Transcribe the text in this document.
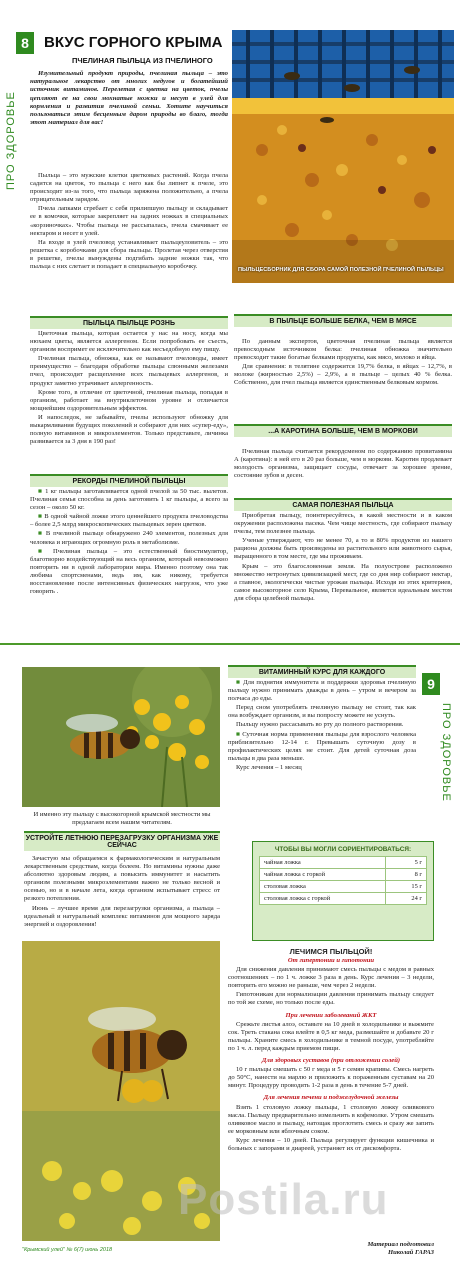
8
ПРО ЗДОРОВЬЕ
ВКУС ГОРНОГО КРЫМА
ПЧЕЛИНАЯ ПЫЛЬЦА ИЗ ПЧЕЛИНОГО

Изумительный продукт природы, пчелиная пыльца – это натуральное лекарство от многих недугов и богатейший источник витаминов. Перелетая с цветка на цветок, пчелы цепляют ее на свои мохнатые ножки и несут в улей для кормления и развития пчелиной семьи. Хотите научиться пользоваться этим бесценным даром природы во благо, тогда этот материал для вас!

Пыльца – это мужские клетки цветковых растений. Когда пчела садится на цветок, то пыльца с него как бы липнет к пчеле, это происходит из-за того, что пыльца заряжена положительно, а пчела отрицательным зарядом.

Пчела лапками сгребает с себя прилипшую пыльцу и складывает ее в комочки, которые закрепляет на задних ножках в специальных «корзиночках». Чтобы пыльца не рассыпалась, пчела смачивает ее нектаром и несет в улей.

На входе в улей пчеловод устанавливает пыльцеуловитель – это решетка с коробочками для сбора пыльцы. Пролетая через отверстия в решетке, пчелы вынуждены подгибать задние ножки так, что пыльца с них слетает и попадает в специальную коробочку.	ПЫЛЬЦЕСБОРНИК ДЛЯ СБОРА САМОЙ ПОЛЕЗНОЙ ПЧЕЛИНОЙ ПЫЛЬЦЫ
ПЫЛЬЦА ПЫЛЬЦЕ РОЗНЬ

Цветочная пыльца, которая остается у нас на носу, когда мы нюхаем цветы, является аллергеном. Если попробовать ее съесть, организм воспримет ее исключительно как несъедобную ему пищу.

Пчелиная пыльца, обножка, как ее называют пчеловоды, имеет преимущество – благодаря обработке пыльцы слюнными железами пчел, происходит расщепление всех пыльцевых аллергенов, и продукт заметно утрачивает аллергенность.

Кроме того, в отличие от цветочной, пчелиная пыльца, попадая в организм, работает на внутриклеточном уровне и отличается мощнейшим оздоровительным эффектом.

И напоследок, не забывайте, пчелы используют обножку для выкармливания будущих поколений и собирают для них «супер-еду», полную витаминов и микроэлементов. Только представьте, личинка развивается за 3 дня в 190 раз!

РЕКОРДЫ ПЧЕЛИНОЙ ПЫЛЬЦЫ

■ 1 кг пыльцы заготавливается одной пчелой за 50 тыс. вылетов. Пчелиная семья способна за день заготовить 1 кг пыльцы, а всего за сезон – около 50 кг.

■ В одной чайной ложке этого ценнейшего продукта пчеловодства – более 2,5 млрд микроскопических пыльцевых зерен цветков.

■ В пчелиной пыльце обнаружено 240 элементов, полезных для человека и играющих огромную роль в метаболизме.

■ Пчелиная пыльца – это естественный биостимулятор, благотворно воздействующий на весь организм, который невозможно повторить ни в одной лаборатории мира. Именно поэтому она так любима спортсменами, ведь им, как никому, требуется восстановление после интенсивных физических нагрузок, что уже говорить .

В ПЫЛЬЦЕ БОЛЬШЕ БЕЛКА, ЧЕМ В МЯСЕ

По данным экспертов, цветочная пчелиная пыльца является превосходным источником белка: пчелиная обножка значительно превосходит такие богатые белками продукты, как мясо, молоко и яйца.

Для сравнения: в телятине содержится 19,7% белка, в яйцах – 12,7%, в молоке (жирностью 2,5%) – 2,9%, а в пыльце – целых 40 % белка. Собственно, для пчел пыльца является единственным белковым кормом.

...А КАРОТИНА БОЛЬШЕ, ЧЕМ В МОРКОВИ

Пчелиная пыльца считается рекордсменом по содержанию провитамина А (каротина): в ней его в 20 раз больше, чем в моркови. Каротин продлевает молодость организма, защищает сосуды, отвечает за хорошее зрение, состояние зубов и десен.

САМАЯ ПОЛЕЗНАЯ ПЫЛЬЦА

Приобретая пыльцу, поинтересуйтесь, в какой местности и в каком окружении расположена пасека. Чем чище местность, где собирают пыльцу пчелы, тем полезнее пыльца.

Ученые утверждают, что не менее 70, а то и 80% продуктов из нашего рациона должны быть произведены из растительного или животного сырья, выращенного в том месте, где мы проживаем.

Крым – это благословенная земля. На полуострове расположено множество нетронутых цивилизацией мест, где со дня нир собирают нектар, а главное, экологически чистые урожаи пыльцы. Исходя из этих критериев, самое высокогорное село Крыма, Перевальное, является идеальным местом для сбора целебной пыльцы.

9
ПРО ЗДОРОВЬЕ

И именно эту пыльцу с высокогорной крымской местности мы предлагаем всем нашим читателям.

УСТРОЙТЕ ЛЕТНЮЮ ПЕРЕЗАГРУЗКУ ОРГАНИЗМА УЖЕ СЕЙЧАС

Зачастую мы обращаемся к фармакологическим и натуральным лекарственным средствам, когда болеем. Но витамины нужны даже абсолютно здоровым людям, а повысить иммунитет и насытить организм полезными микроэлементами важно не только весной и осенью, но и в начале лета, когда организм испытывает стресс от резкого потепления.

Июнь – лучшее время для перезагрузки организма, а пыльца – идеальный и натуральный комплекс витаминов для мощного заряда энергией и оздоровления!

ВИТАМИННЫЙ КУРС ДЛЯ КАЖДОГО

■ Для поднятия иммунитета и поддержки здоровья пчелиную пыльцу нужно принимать дважды в день – утром и вечером за полчаса до еды.

Перед сном употреблять пчелиную пыльцу не стоит, так как она возбуждает организм, и вы попросту можете не уснуть.

Пыльцу нужно рассасывать во рту до полного растворения.

■ Суточная норма применения пыльцы для взрослого человека приблизительно 12-14 г. Превышать суточную дозу в профилактических целях не стоит. Для детей суточная доза пыльцы в два раза меньше.

Курс лечения – 1 месяц

ЧТОБЫ ВЫ МОГЛИ СОРИЕНТИРОВАТЬСЯ:
чайная ложка	5 г
чайная ложка с горкой	8 г
столовая ложка	15 г
столовая ложка с горкой	24 г

ЛЕЧИМСЯ ПЫЛЬЦОЙ!

От гипертонии и гипотонии

Для снижения давления принимают смесь пыльцы с медом в равных соотношениях – по 1 ч. ложке 3 раза в день. Курс лечения – 3 недели, повторить его можно не раньше, чем через 2 недели.

Гипотоникам для нормализации давления принимать пыльцу следует по той же схеме, но только после еды.

При лечении заболеваний ЖКТ

Срежьте листья алоэ, оставьте на 10 дней в холодильнике и выжмите сок. Треть стакана сока влейте в 0,5 кг меда, размешайте и добавьте 20 г пыльцы. Храните смесь в холодильнике в темной посуде, употребляйте по 1 ч. л. перед каждым приемом пищи.

Для здоровых суставов (при отложении солей)

10 г пыльцы смешать с 50 г меда и 5 г семян крапивы. Смесь нагреть до 50°С, нанести на марлю и приложить к пораженным суставам на 20 минут. Процедуру проводить 1-2 раза в день в течение 5-7 дней.

Для лечения печени и поджелудочной железы

Взять 1 столовую ложку пыльцы, 1 столовую ложку оливкового масла. Пыльцу предварительно измельчить в кофемолке. Утром смешать оливковое масло и пыльцу, натощак проглотить смесь и сразу же запить ее морковным или яблочным соком.

Курс лечения – 10 дней. Пыльца регулирует функции кишечника и больных с запорами и диареей, устраняет их от дискомфорта.

Материал подготовил
Николай ГАРАЗ
"Крымский улей" № 6(7) июнь 2018
Postila.ru
